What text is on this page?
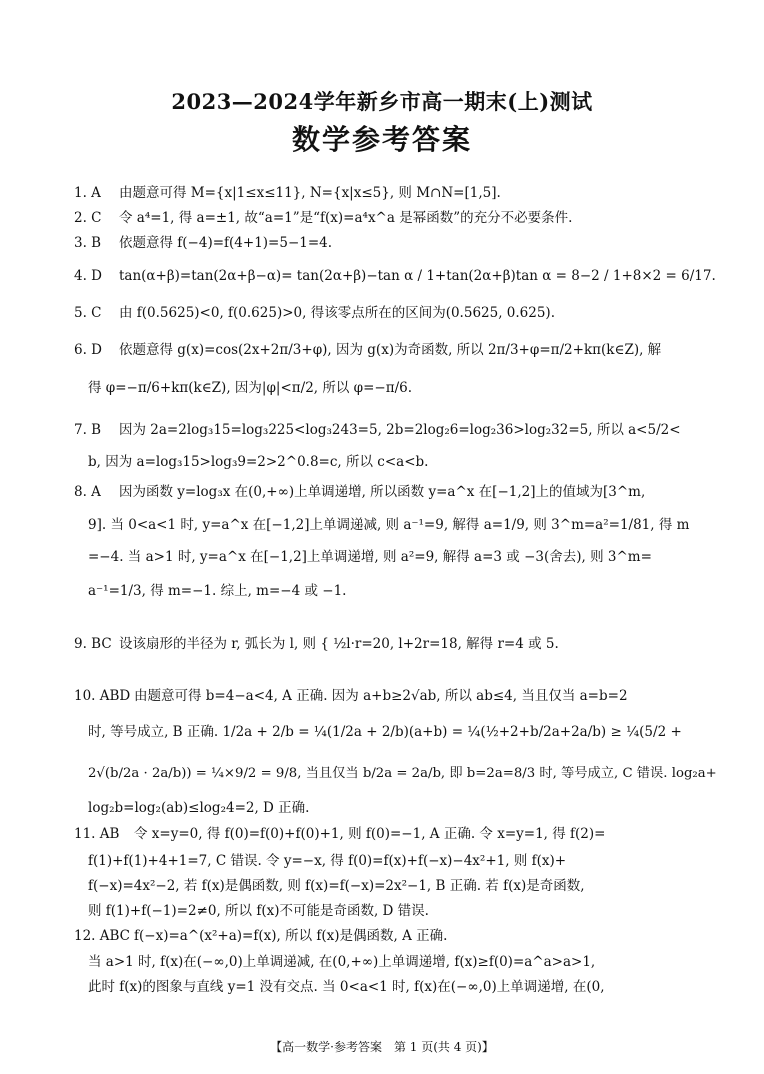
2023—2024学年新乡市高一期末(上)测试
数学参考答案
1. A 由题意可得 M={x|1≤x≤11}, N={x|x≤5}, 则 M∩N=[1,5].
2. C 令 a⁴=1, 得 a=±1, 故“a=1”是“f(x)=a⁴x^a 是幂函数”的充分不必要条件.
3. B 依题意得 f(−4)=f(4+1)=5−1=4.
4. D tan(α+β)=tan(2α+β−α)= tan(2α+β)−tan α / 1+tan(2α+β)tan α = 8−2 / 1+8×2 = 6/17.
5. C 由 f(0.5625)<0, f(0.625)>0, 得该零点所在的区间为(0.5625, 0.625).
6. D 依题意得 g(x)=cos(2x+2π/3+φ), 因为 g(x)为奇函数, 所以 2π/3+φ=π/2+kπ(k∈Z), 解
得 φ=−π/6+kπ(k∈Z), 因为|φ|<π/2, 所以 φ=−π/6.
7. B 因为 2a=2log₃15=log₃225<log₃243=5, 2b=2log₂6=log₂36>log₂32=5, 所以 a<5/2<
b, 因为 a=log₃15>log₃9=2>2^0.8=c, 所以 c<a<b.
8. A 因为函数 y=log₃x 在(0,+∞)上单调递增, 所以函数 y=a^x 在[−1,2]上的值域为[3^m,
9]. 当 0<a<1 时, y=a^x 在[−1,2]上单调递减, 则 a⁻¹=9, 解得 a=1/9, 则 3^m=a²=1/81, 得 m
=−4. 当 a>1 时, y=a^x 在[−1,2]上单调递增, 则 a²=9, 解得 a=3 或 −3(舍去), 则 3^m=
a⁻¹=1/3, 得 m=−1. 综上, m=−4 或 −1.
9. BC 设该扇形的半径为 r, 弧长为 l, 则 { ½l·r=20, l+2r=18, 解得 r=4 或 5.
10. ABD 由题意可得 b=4−a<4, A 正确. 因为 a+b≥2√ab, 所以 ab≤4, 当且仅当 a=b=2
时, 等号成立, B 正确. 1/2a + 2/b = ¼(1/2a + 2/b)(a+b) = ¼(½+2+b/2a+2a/b) ≥ ¼(5/2 +
2√(b/2a · 2a/b)) = ¼×9/2 = 9/8, 当且仅当 b/2a = 2a/b, 即 b=2a=8/3 时, 等号成立, C 错误. log₂a+
log₂b=log₂(ab)≤log₂4=2, D 正确.
11. AB 令 x=y=0, 得 f(0)=f(0)+f(0)+1, 则 f(0)=−1, A 正确. 令 x=y=1, 得 f(2)=
f(1)+f(1)+4+1=7, C 错误. 令 y=−x, 得 f(0)=f(x)+f(−x)−4x²+1, 则 f(x)+
f(−x)=4x²−2, 若 f(x)是偶函数, 则 f(x)=f(−x)=2x²−1, B 正确. 若 f(x)是奇函数,
则 f(1)+f(−1)=2≠0, 所以 f(x)不可能是奇函数, D 错误.
12. ABC f(−x)=a^(x²+a)=f(x), 所以 f(x)是偶函数, A 正确.
当 a>1 时, f(x)在(−∞,0)上单调递减, 在(0,+∞)上单调递增, f(x)≥f(0)=a^a>a>1,
此时 f(x)的图象与直线 y=1 没有交点. 当 0<a<1 时, f(x)在(−∞,0)上单调递增, 在(0,
【高一数学·参考答案　第 1 页(共 4 页)】
